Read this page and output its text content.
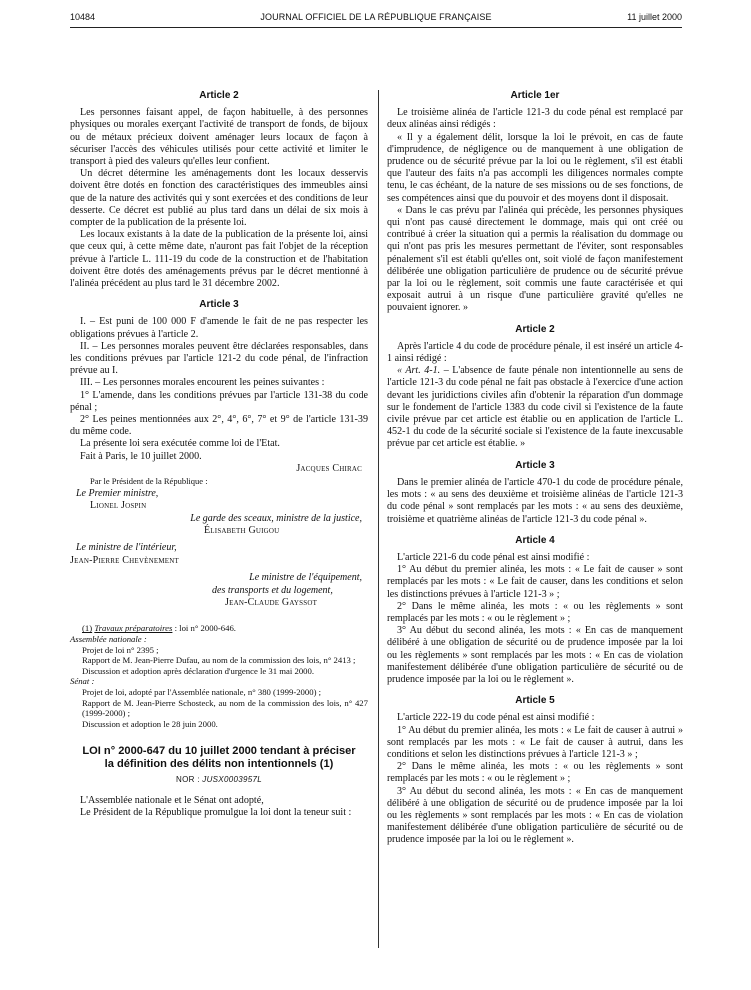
10484	JOURNAL OFFICIEL DE LA RÉPUBLIQUE FRANÇAISE	11 juillet 2000
Article 2

Les personnes faisant appel, de façon habituelle, à des personnes physiques ou morales exerçant l'activité de transport de fonds, de bijoux ou de métaux précieux doivent aménager leurs locaux de façon à sécuriser l'accès des véhicules utilisés pour cette activité et limiter le transport à pied des valeurs qu'elles leur confient.

Un décret détermine les aménagements dont les locaux desservis doivent être dotés en fonction des caractéristiques des immeubles ainsi que de la nature des activités qui y sont exercées et des conditions de leur desserte. Ce décret est publié au plus tard dans un délai de six mois à compter de la publication de la présente loi.

Les locaux existants à la date de la publication de la présente loi, ainsi que ceux qui, à cette même date, n'auront pas fait l'objet de la réception prévue à l'article L. 111-19 du code de la construction et de l'habitation doivent être dotés des aménagements prévus par le décret mentionné à l'alinéa précédent au plus tard le 31 décembre 2002.

Article 3

I. – Est puni de 100 000 F d'amende le fait de ne pas respecter les obligations prévues à l'article 2.

II. – Les personnes morales peuvent être déclarées responsables, dans les conditions prévues par l'article 121-2 du code pénal, de l'infraction prévue au I.

III. – Les personnes morales encourent les peines suivantes :

1° L'amende, dans les conditions prévues par l'article 131-38 du code pénal ;

2° Les peines mentionnées aux 2°, 4°, 6°, 7° et 9° de l'article 131-39 du même code.

La présente loi sera exécutée comme loi de l'Etat.

Fait à Paris, le 10 juillet 2000.

Jacques Chirac
Par le Président de la République :
Le Premier ministre,
Lionel Jospin
Le garde des sceaux, ministre de la justice,
Élisabeth Guigou
Le ministre de l'intérieur,
Jean-Pierre Chevènement
Le ministre de l'équipement,
des transports et du logement,
Jean-Claude Gayssot

(1) Travaux préparatoires : loi n° 2000-646.

Assemblée nationale :

Projet de loi n° 2395 ;

Rapport de M. Jean-Pierre Dufau, au nom de la commission des lois, n° 2413 ;

Discussion et adoption après déclaration d'urgence le 31 mai 2000.

Sénat :

Projet de loi, adopté par l'Assemblée nationale, n° 380 (1999-2000) ;

Rapport de M. Jean-Pierre Schosteck, au nom de la commission des lois, n° 427 (1999-2000) ;

Discussion et adoption le 28 juin 2000.

LOI n° 2000-647 du 10 juillet 2000 tendant à préciser la définition des délits non intentionnels (1)
NOR : JUSX0003957L

L'Assemblée nationale et le Sénat ont adopté,

Le Président de la République promulgue la loi dont la teneur suit :

Article 1er

Le troisième alinéa de l'article 121-3 du code pénal est remplacé par deux alinéas ainsi rédigés :

« Il y a également délit, lorsque la loi le prévoit, en cas de faute d'imprudence, de négligence ou de manquement à une obligation de prudence ou de sécurité prévue par la loi ou le règlement, s'il est établi que l'auteur des faits n'a pas accompli les diligences normales compte tenu, le cas échéant, de la nature de ses missions ou de ses fonctions, de ses compétences ainsi que du pouvoir et des moyens dont il disposait.

« Dans le cas prévu par l'alinéa qui précède, les personnes physiques qui n'ont pas causé directement le dommage, mais qui ont créé ou contribué à créer la situation qui a permis la réalisation du dommage ou qui n'ont pas pris les mesures permettant de l'éviter, sont responsables pénalement s'il est établi qu'elles ont, soit violé de façon manifestement délibérée une obligation particulière de prudence ou de sécurité prévue par la loi ou le règlement, soit commis une faute caractérisée et qui exposait autrui à un risque d'une particulière gravité qu'elles ne pouvaient ignorer. »

Article 2

Après l'article 4 du code de procédure pénale, il est inséré un article 4-1 ainsi rédigé :

« Art. 4-1. – L'absence de faute pénale non intentionnelle au sens de l'article 121-3 du code pénal ne fait pas obstacle à l'exercice d'une action devant les juridictions civiles afin d'obtenir la réparation d'un dommage sur le fondement de l'article 1383 du code civil si l'existence de la faute civile prévue par cet article est établie ou en application de l'article L. 452-1 du code de la sécurité sociale si l'existence de la faute inexcusable prévue par cet article est établie. »

Article 3

Dans le premier alinéa de l'article 470-1 du code de procédure pénale, les mots : « au sens des deuxième et troisième alinéas de l'article 121-3 du code pénal » sont remplacés par les mots : « au sens des deuxième, troisième et quatrième alinéas de l'article 121-3 du code pénal ».

Article 4

L'article 221-6 du code pénal est ainsi modifié :

1° Au début du premier alinéa, les mots : « Le fait de causer » sont remplacés par les mots : « Le fait de causer, dans les conditions et selon les distinctions prévues à l'article 121-3 » ;

2° Dans le même alinéa, les mots : « ou les règlements » sont remplacés par les mots : « ou le règlement » ;

3° Au début du second alinéa, les mots : « En cas de manquement délibéré à une obligation de sécurité ou de prudence imposée par la loi ou les règlements » sont remplacés par les mots : « En cas de violation manifestement délibérée d'une obligation particulière de sécurité ou de prudence imposée par la loi ou le règlement ».

Article 5

L'article 222-19 du code pénal est ainsi modifié :

1° Au début du premier alinéa, les mots : « Le fait de causer à autrui » sont remplacés par les mots : « Le fait de causer à autrui, dans les conditions et selon les distinctions prévues à l'article 121-3 » ;

2° Dans le même alinéa, les mots : « ou les règlements » sont remplacés par les mots : « ou le règlement » ;

3° Au début du second alinéa, les mots : « En cas de manquement délibéré à une obligation de sécurité ou de prudence imposée par la loi ou les règlements » sont remplacés par les mots : « En cas de violation manifestement délibérée d'une obligation particulière de sécurité ou de prudence imposée par la loi ou le règlement ».
